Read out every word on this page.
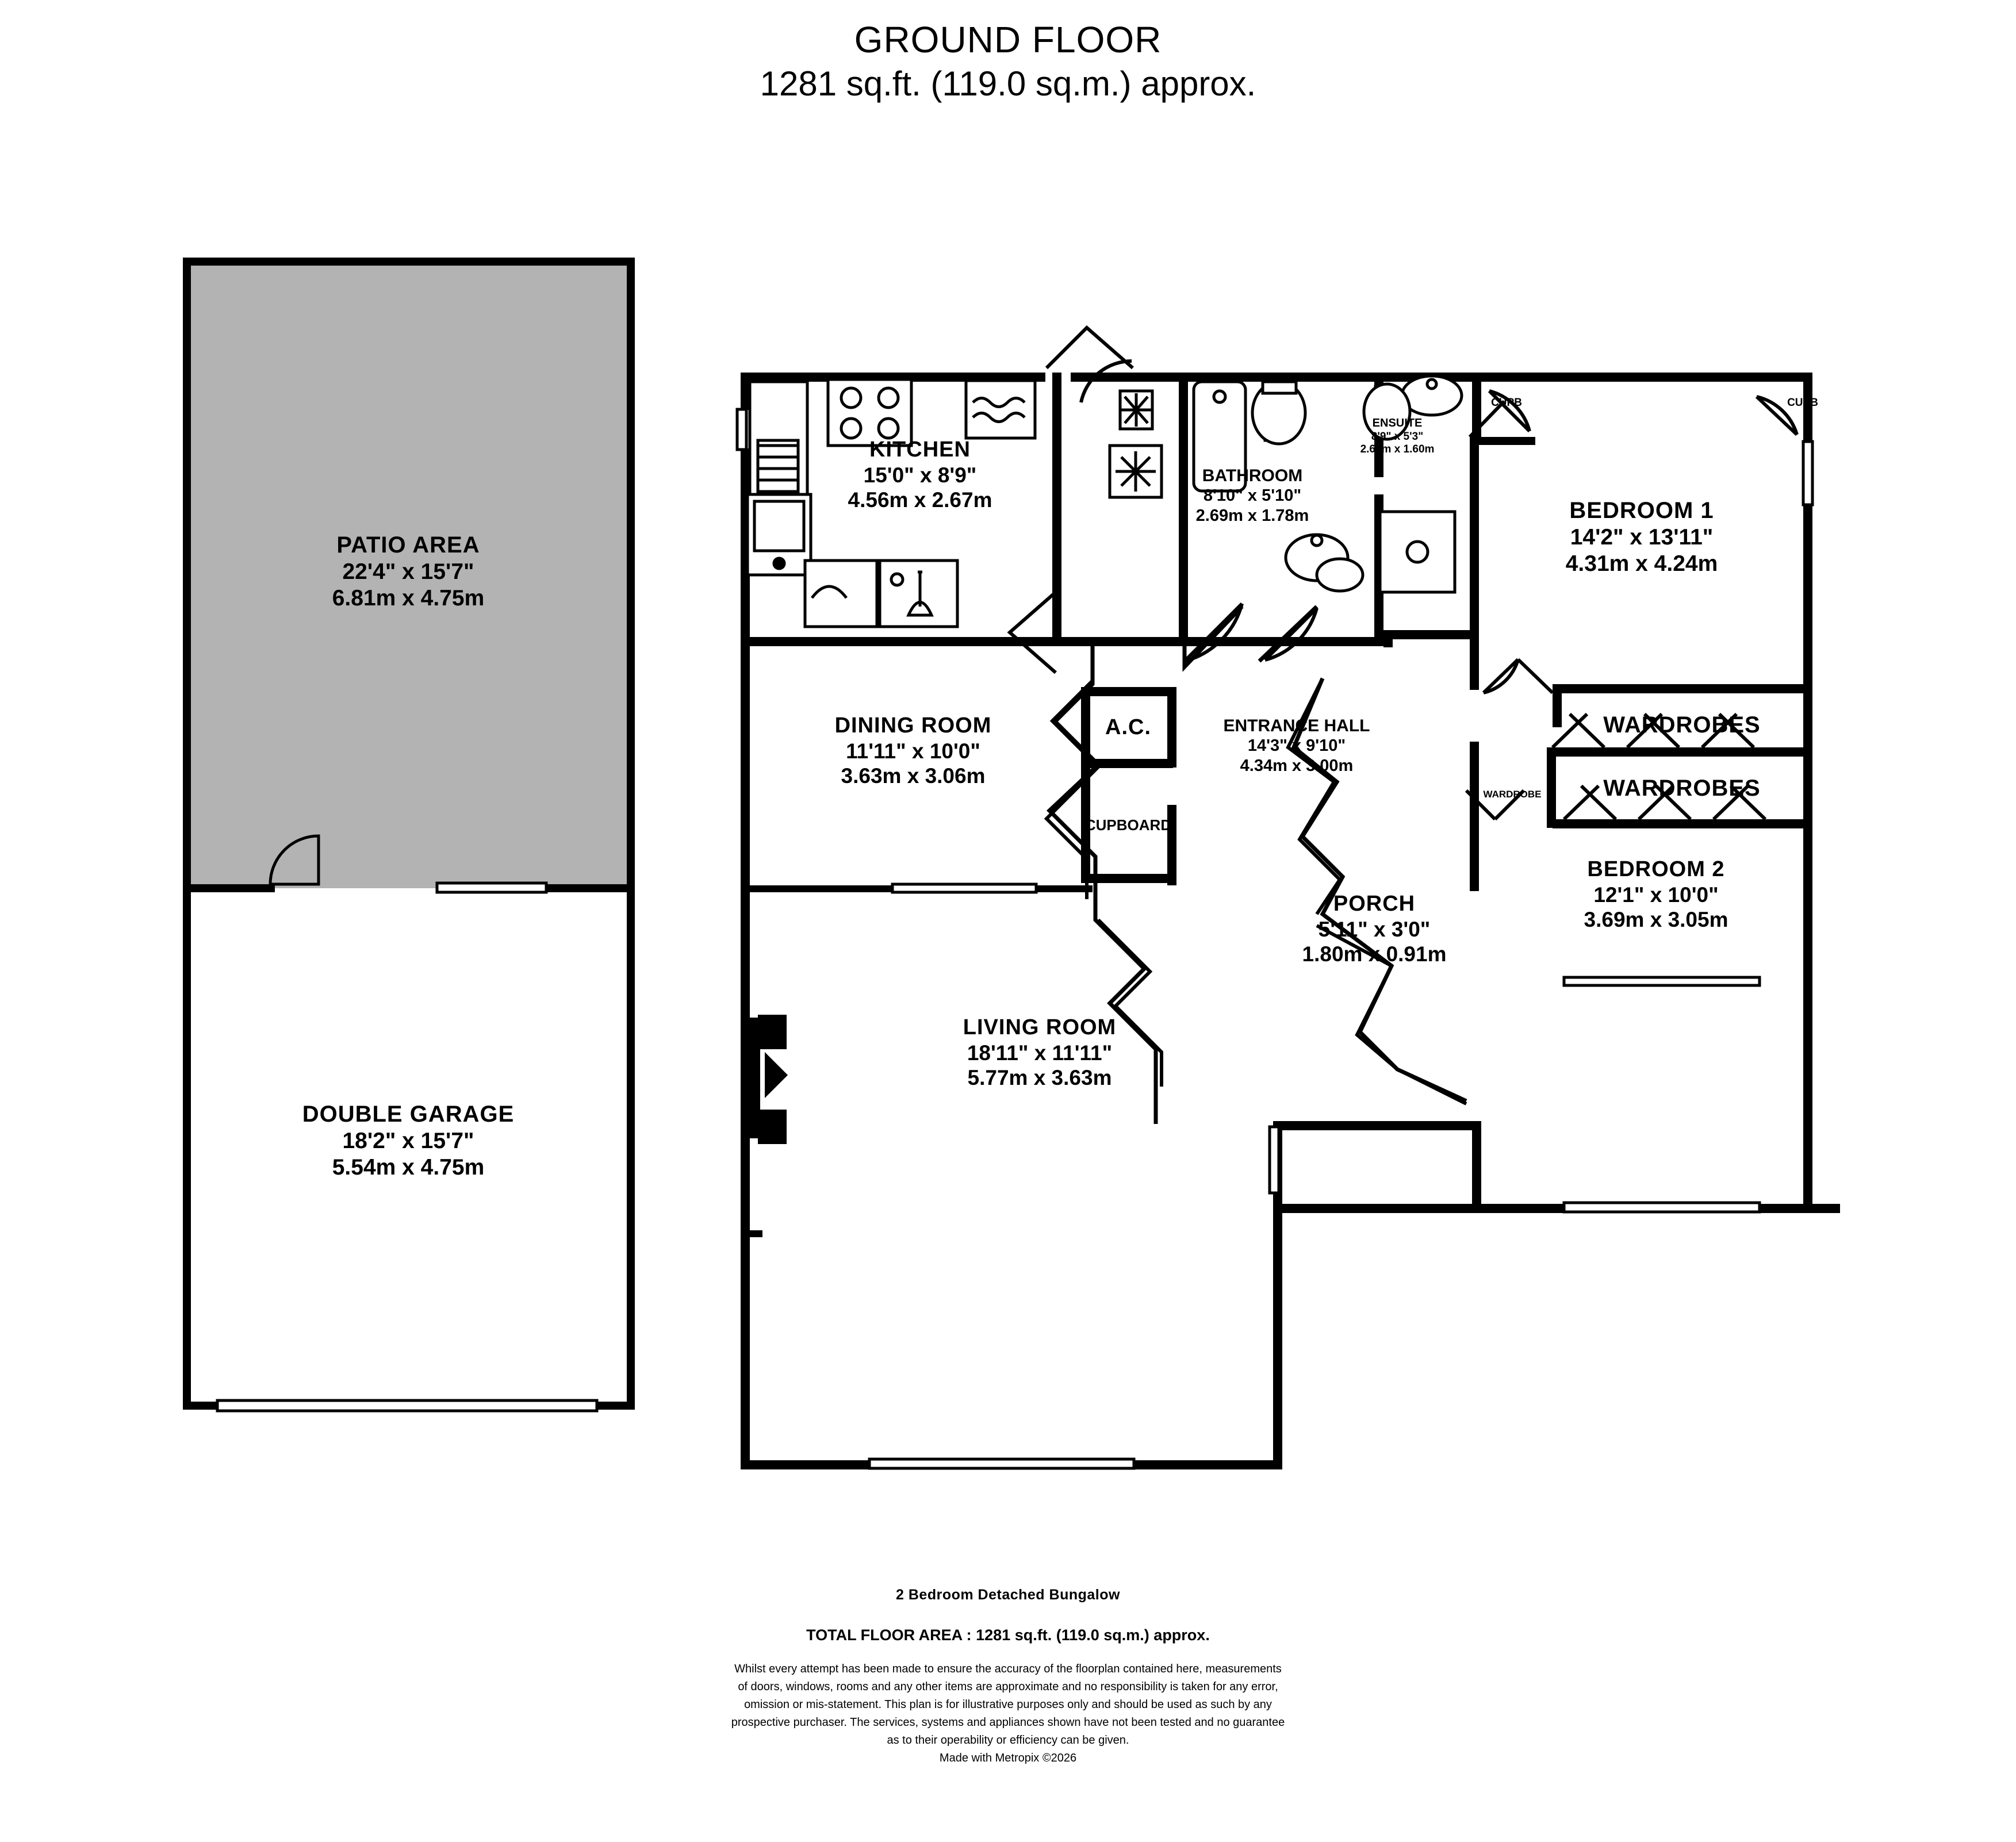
GROUND FLOOR
1281 sq.ft. (119.0 sq.m.) approx.
PATIO AREA
22'4" x 15'7"
6.81m x 4.75m
DOUBLE GARAGE
18'2" x 15'7"
5.54m x 4.75m
KITCHEN
15'0" x 8'9"
4.56m x 2.67m
BATHROOM
8'10" x 5'10"
2.69m x 1.78m
ENSUITE
8'9" x 5'3"
2.67m x 1.60m
BEDROOM 1
14'2" x 13'11"
4.31m x 4.24m
BEDROOM 2
12'1" x 10'0"
3.69m x 3.05m
DINING ROOM
11'11" x 10'0"
3.63m x 3.06m
ENTRANCE HALL
14'3" x 9'10"
4.34m x 3.00m
PORCH
5'11" x 3'0"
1.80m x 0.91m
LIVING ROOM
18'11" x 11'11"
5.77m x 3.63m
A.C.
CUPBOARD
CUPB	CUPB
WARDROBES
WARDROBES
WARDROBE
2 Bedroom Detached Bungalow
TOTAL FLOOR AREA : 1281 sq.ft. (119.0 sq.m.) approx.
Whilst every attempt has been made to ensure the accuracy of the floorplan contained here, measurements
of doors, windows, rooms and any other items are approximate and no responsibility is taken for any error,
omission or mis-statement. This plan is for illustrative purposes only and should be used as such by any
prospective purchaser. The services, systems and appliances shown have not been tested and no guarantee
as to their operability or efficiency can be given.
Made with Metropix ©2026
